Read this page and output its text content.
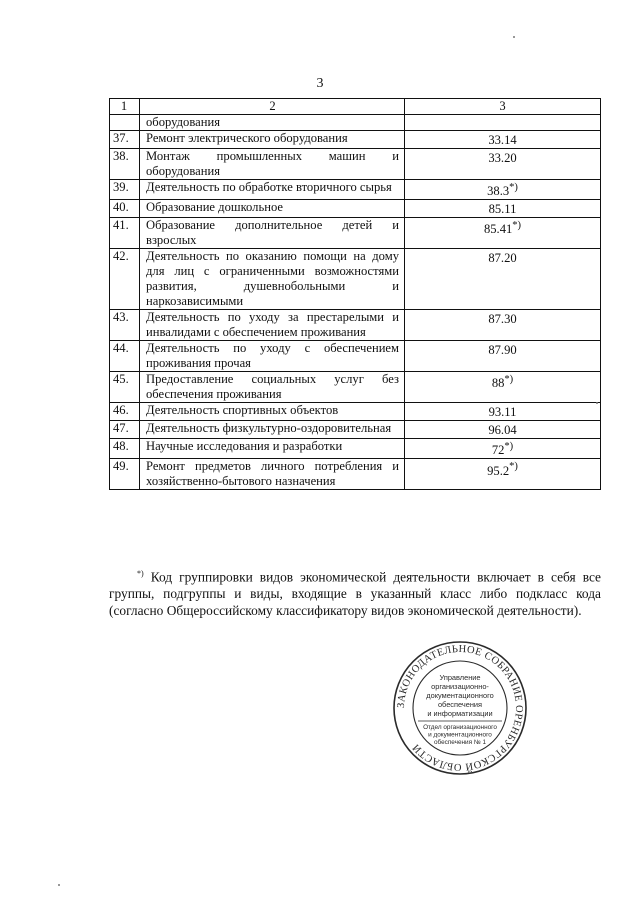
3
1	2	3
	оборудования	
37.	Ремонт электрического оборудования	33.14
38.	Монтаж промышленных машин и оборудования	33.20
39.	Деятельность по обработке вторичного сырья	38.3*)
40.	Образование дошкольное	85.11
41.	Образование дополнительное детей и взрослых	85.41*)
42.	Деятельность по оказанию помощи на дому для лиц с ограниченными возможностями развития, душевнобольными и наркозависимыми	87.20
43.	Деятельность по уходу за престарелыми и инвалидами с обеспечением проживания	87.30
44.	Деятельность по уходу с обеспечением проживания прочая	87.90
45.	Предоставление социальных услуг без обеспечения проживания	88*)
46.	Деятельность спортивных объектов	93.11
47.	Деятельность физкультурно-оздоровительная	96.04
48.	Научные исследования и разработки	72*)
49.	Ремонт предметов личного потребления и хозяйственно-бытового назначения	95.2*)
*) Код группировки видов экономической деятельности включает в себя все группы, подгруппы и виды, входящие в указанный класс либо подкласс кода (согласно Общероссийскому классификатору видов экономической деятельности).
ЗАКОНОДАТЕЛЬНОЕ СОБРАНИЕ ОРЕНБУРГСКОЙ ОБЛАСТИ
Управление
организационно-
документационного
обеспечения
и информатизации
Отдел организационного
и документационного
обеспечения № 1
